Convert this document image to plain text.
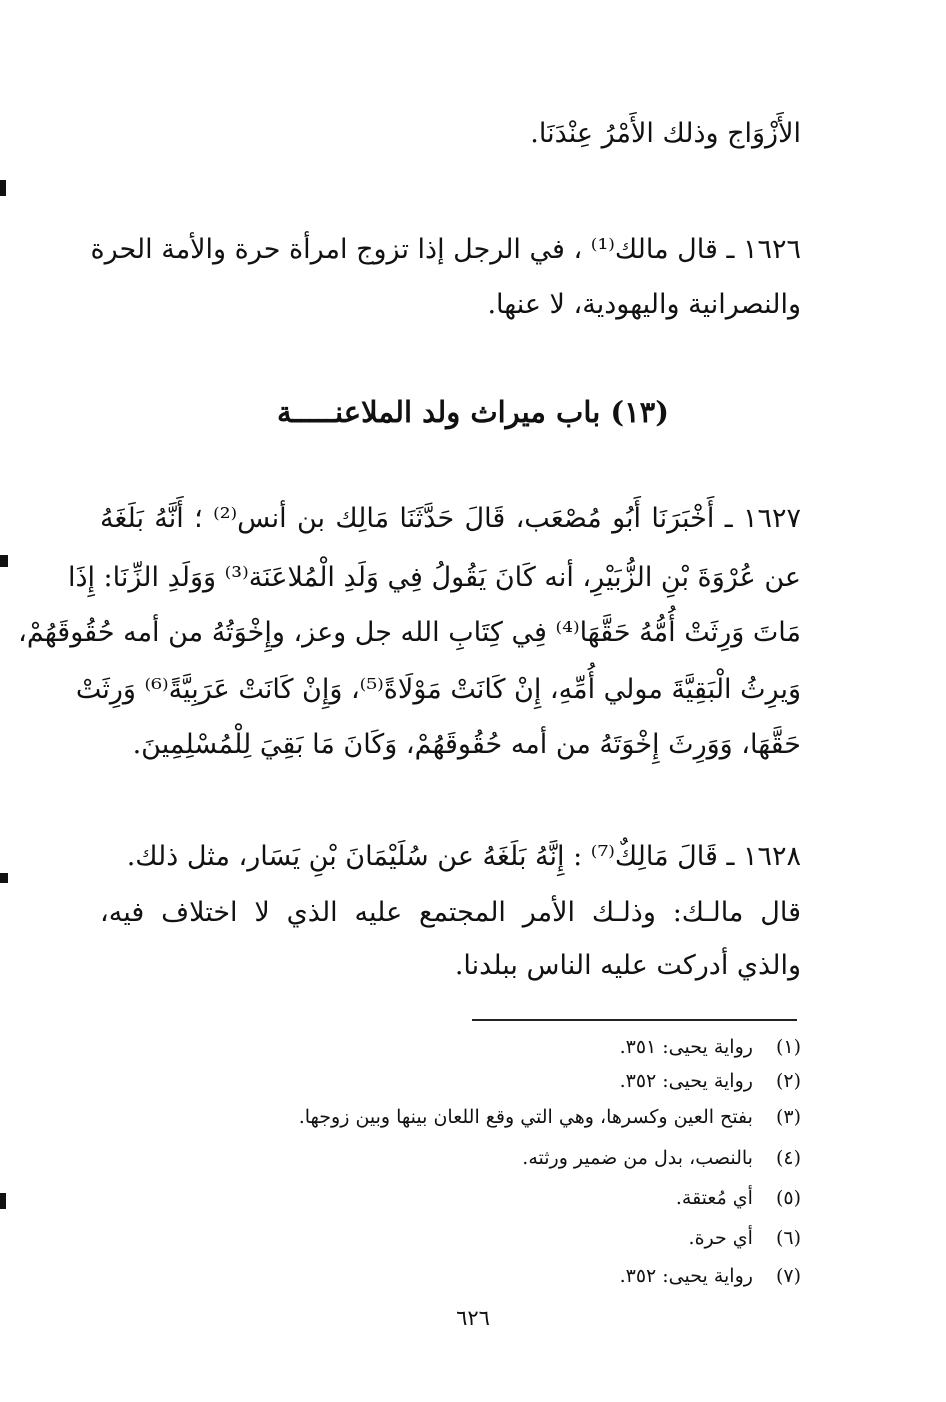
الأَزْوَاج وذلك الأَمْرُ عِنْدَنَا.
١٦٢٦ ـ قال مالك⁽¹⁾ ، في الرجل إذا تزوج امرأة حرة والأمة الحرة
والنصرانية واليهودية، لا عنها.
(١٣) باب ميراث ولد الملاعنـــــة
١٦٢٧ ـ أَخْبَرَنَا أَبُو مُصْعَب، قَالَ حَدَّثَنَا مَالِك بن أنس⁽²⁾ ؛ أَنَّهُ بَلَغَهُ
عن عُرْوَةَ بْنِ الزُّبَيْرِ، أنه كَانَ يَقُولُ فِي وَلَدِ الْمُلاعَنَة⁽³⁾ وَوَلَدِ الزِّنَا: إِذَا
مَاتَ وَرِثَتْ أُمُّهُ حَقَّهَا⁽⁴⁾ فِي كِتَابِ الله جل وعز، وإِخْوَتُهُ من أمه حُقُوقَهُمْ،
وَيرِثُ الْبَقِيَّةَ مولي أُمِّهِ، إِنْ كَانَتْ مَوْلَاةً⁽⁵⁾، وَإِنْ كَانَتْ عَرَبِيَّةً⁽⁶⁾ وَرِثَتْ
حَقَّهَا، وَوَرِثَ إِخْوَتَهُ من أمه حُقُوقَهُمْ، وَكَانَ مَا بَقِيَ لِلْمُسْلِمِينَ.
١٦٢٨ ـ قَالَ مَالِكٌ⁽⁷⁾ : إِنَّهُ بَلَغَهُ عن سُلَيْمَانَ بْنِ يَسَار، مثل ذلك.
قال مالـك: وذلـك الأمر المجتمع عليه الذي لا اختلاف فيه،
والذي أدركت عليه الناس ببلدنا.
(١) رواية يحيى: ٣٥١.
(٢) رواية يحيى: ٣٥٢.
(٣) بفتح العين وكسرها، وهي التي وقع اللعان بينها وبين زوجها.
(٤) بالنصب، بدل من ضمير ورثته.
(٥) أي مُعتقة.
(٦) أي حرة.
(٧) رواية يحيى: ٣٥٢.
٦٢٦
